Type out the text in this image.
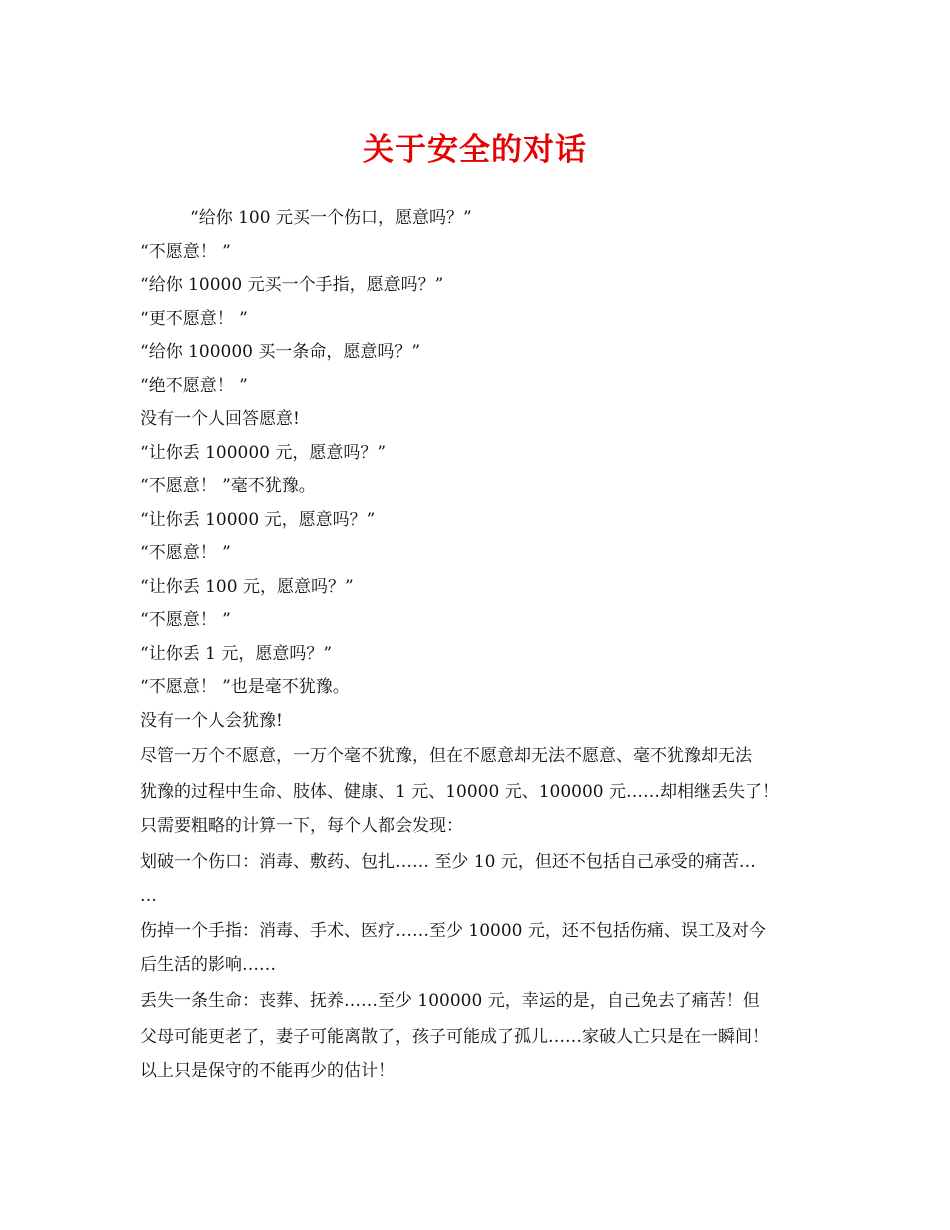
关于安全的对话
“给你 100 元买一个伤口，愿意吗？”
“不愿意！ ”
“给你 10000 元买一个手指，愿意吗？”
“更不愿意！ ”
“给你 100000 买一条命，愿意吗？”
“绝不愿意！ ”
没有一个人回答愿意!
“让你丢 100000 元，愿意吗？”
“不愿意！ ”毫不犹豫。
“让你丢 10000 元，愿意吗？”
“不愿意！ ”
“让你丢 100 元，愿意吗？”
“不愿意！ ”
“让你丢 1 元，愿意吗？”
“不愿意！ ”也是毫不犹豫。
没有一个人会犹豫!
尽管一万个不愿意，一万个毫不犹豫，但在不愿意却无法不愿意、毫不犹豫却无法
犹豫的过程中生命、肢体、健康、1 元、10000 元、100000 元……却相继丢失了！
只需要粗略的计算一下，每个人都会发现：
划破一个伤口：消毒、敷药、包扎…… 至少 10 元，但还不包括自己承受的痛苦…
…
伤掉一个手指：消毒、手术、医疗……至少 10000 元，还不包括伤痛、误工及对今
后生活的影响……
丢失一条生命：丧葬、抚养……至少 100000 元，幸运的是，自己免去了痛苦！但
父母可能更老了，妻子可能离散了，孩子可能成了孤儿……家破人亡只是在一瞬间！
以上只是保守的不能再少的估计！
